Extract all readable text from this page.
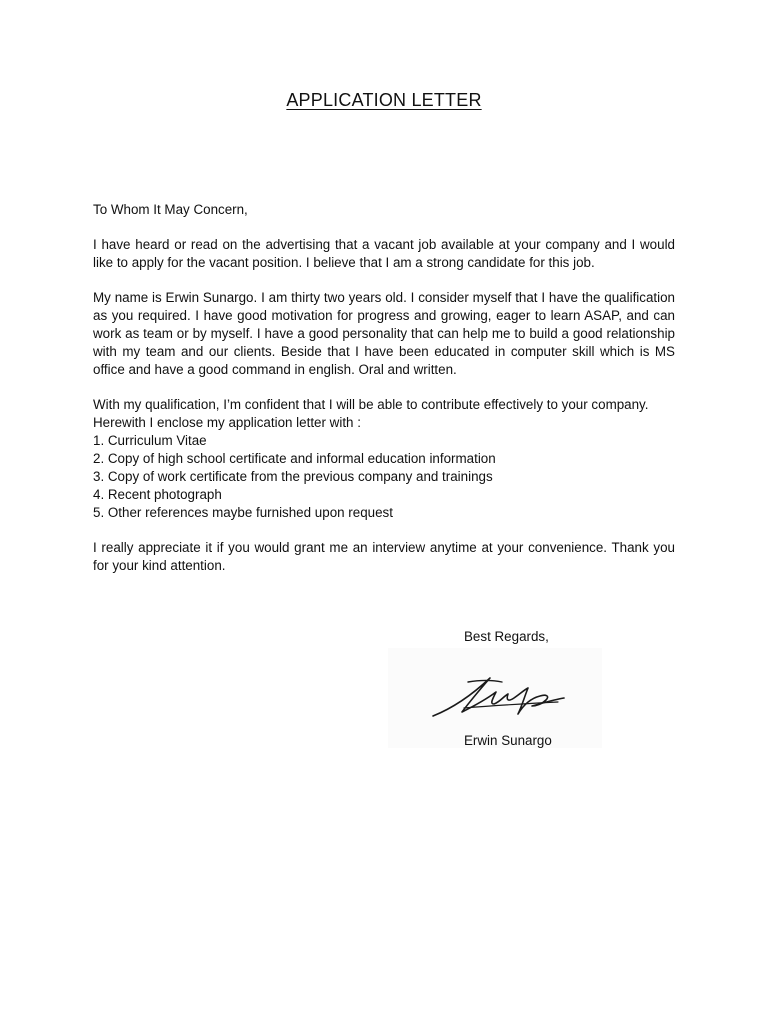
APPLICATION LETTER

To Whom It May Concern,

I have heard or read on the advertising that a vacant job available at your company and I would like to apply for the vacant position. I believe that I am a strong candidate for this job.

My name is Erwin Sunargo. I am thirty two years old. I consider myself that I have the qualification as you required. I have good motivation for progress and growing, eager to learn ASAP, and can work as team or by myself. I have a good personality that can help me to build a good relationship with my team and our clients. Beside that I have been educated in computer skill which is MS office and have a good command in english. Oral and written.

With my qualification, I’m confident that I will be able to contribute effectively to your company.

Herewith I enclose my application letter with :

1. Curriculum Vitae
2. Copy of high school certificate and informal education information
3. Copy of work certificate from the previous company and trainings
4. Recent photograph
5. Other references maybe furnished upon request

I really appreciate it if you would grant me an interview anytime at your convenience. Thank you for your kind attention.

Best Regards,
Erwin Sunargo
